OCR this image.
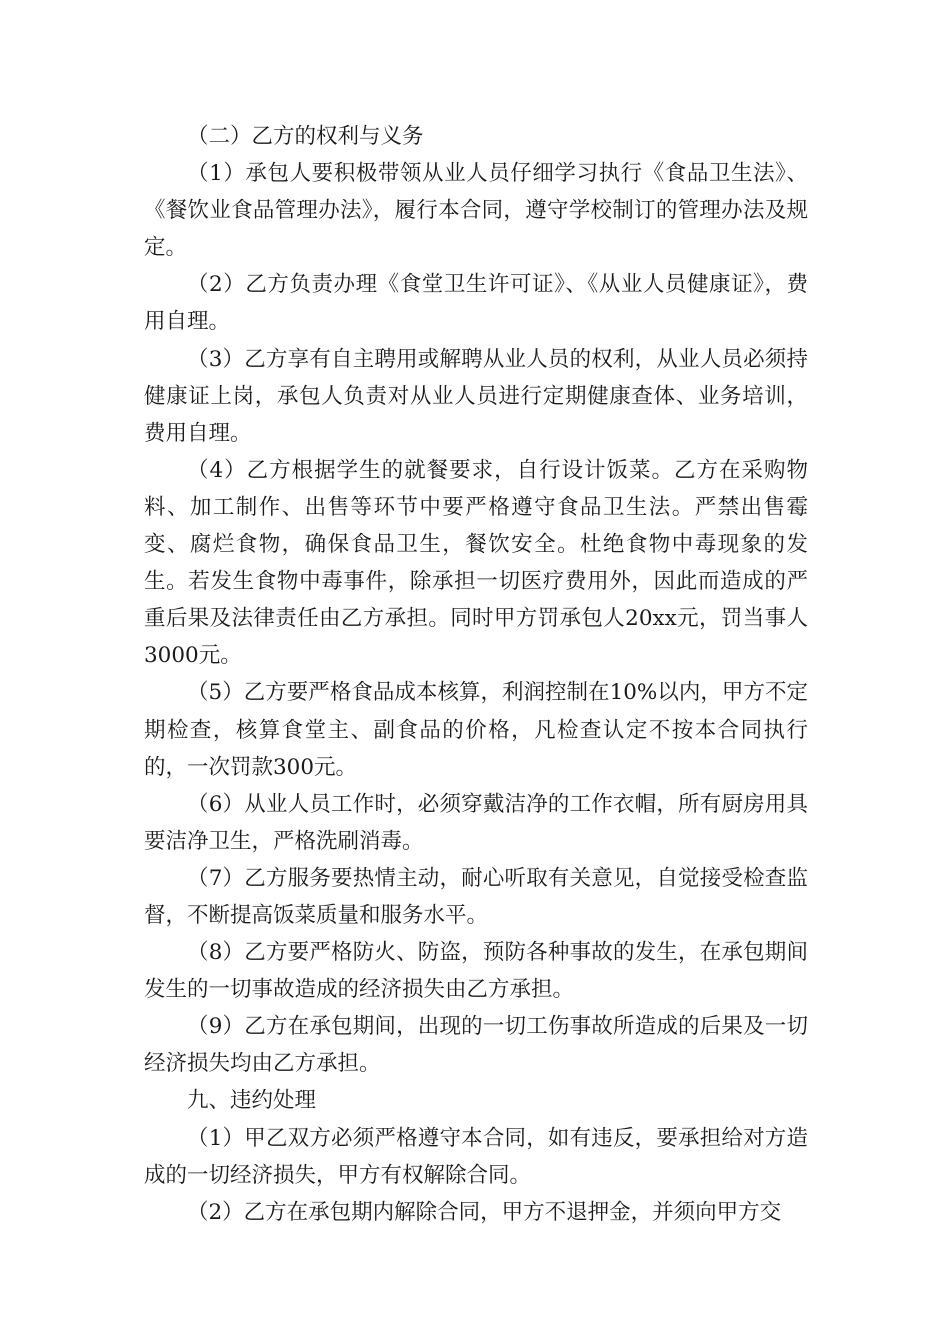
（二）乙方的权利与义务

（1）承包人要积极带领从业人员仔细学习执行《食品卫生法》、《餐饮业食品管理办法》，履行本合同，遵守学校制订的管理办法及规定。

（2）乙方负责办理《食堂卫生许可证》、《从业人员健康证》，费用自理。

（3）乙方享有自主聘用或解聘从业人员的权利，从业人员必须持健康证上岗，承包人负责对从业人员进行定期健康查体、业务培训，费用自理。

（4）乙方根据学生的就餐要求，自行设计饭菜。乙方在采购物料、加工制作、出售等环节中要严格遵守食品卫生法。严禁出售霉变、腐烂食物，确保食品卫生，餐饮安全。杜绝食物中毒现象的发生。若发生食物中毒事件，除承担一切医疗费用外，因此而造成的严重后果及法律责任由乙方承担。同时甲方罚承包人20xx元，罚当事人3000元。

（5）乙方要严格食品成本核算，利润控制在10%以内，甲方不定期检查，核算食堂主、副食品的价格，凡检查认定不按本合同执行的，一次罚款300元。

（6）从业人员工作时，必须穿戴洁净的工作衣帽，所有厨房用具要洁净卫生，严格洗刷消毒。

（7）乙方服务要热情主动，耐心听取有关意见，自觉接受检查监督，不断提高饭菜质量和服务水平。

（8）乙方要严格防火、防盗，预防各种事故的发生，在承包期间发生的一切事故造成的经济损失由乙方承担。

（9）乙方在承包期间，出现的一切工伤事故所造成的后果及一切经济损失均由乙方承担。

九、违约处理

（1）甲乙双方必须严格遵守本合同，如有违反，要承担给对方造成的一切经济损失，甲方有权解除合同。

（2）乙方在承包期内解除合同，甲方不退押金，并须向甲方交
